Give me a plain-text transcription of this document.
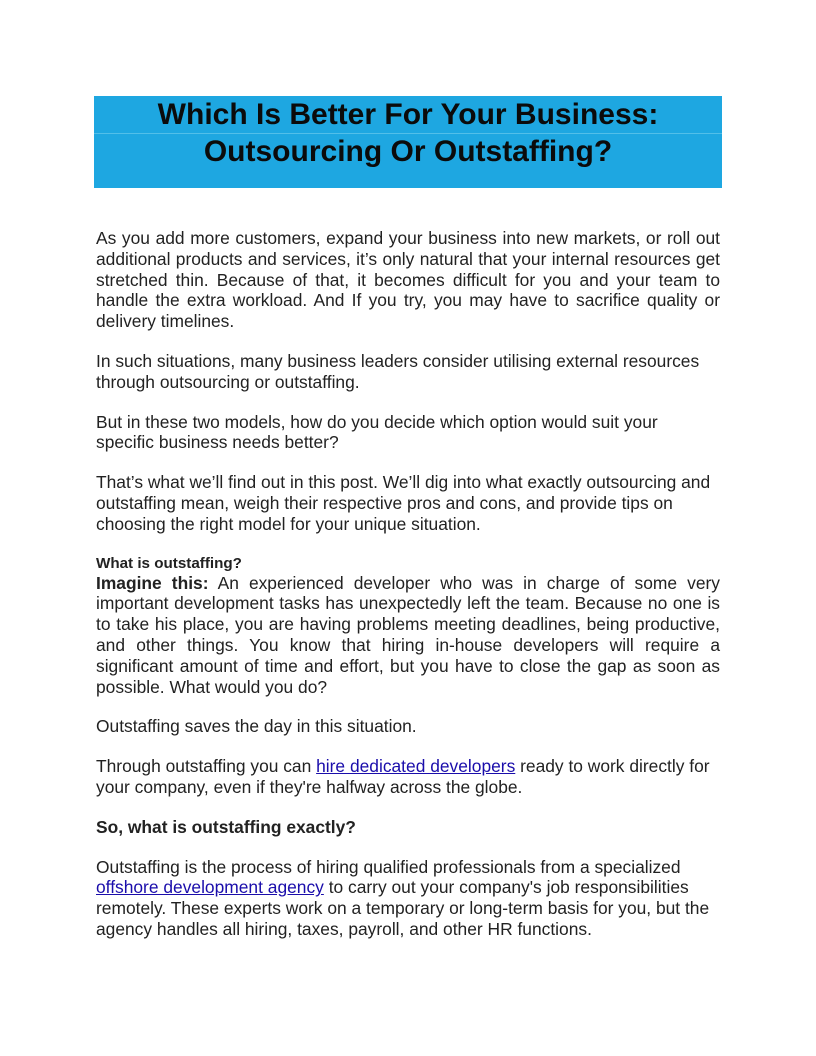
Which Is Better For Your Business:
Outsourcing Or Outstaffing?

As you add more customers, expand your business into new markets, or roll out additional products and services, it’s only natural that your internal resources get stretched thin. Because of that, it becomes difficult for you and your team to handle the extra workload. And If you try, you may have to sacrifice quality or delivery timelines.

In such situations, many business leaders consider utilising external resources through outsourcing or outstaffing.

But in these two models, how do you decide which option would suit your specific business needs better?

That’s what we’ll find out in this post. We’ll dig into what exactly outsourcing and outstaffing mean, weigh their respective pros and cons, and provide tips on choosing the right model for your unique situation.

What is outstaffing?

Imagine this: An experienced developer who was in charge of some very important development tasks has unexpectedly left the team. Because no one is to take his place, you are having problems meeting deadlines, being productive, and other things. You know that hiring in-house developers will require a significant amount of time and effort, but you have to close the gap as soon as possible. What would you do?

Outstaffing saves the day in this situation.

Through outstaffing you can hire dedicated developers ready to work directly for your company, even if they're halfway across the globe.

So, what is outstaffing exactly?

Outstaffing is the process of hiring qualified professionals from a specialized offshore development agency to carry out your company's job responsibilities remotely. These experts work on a temporary or long-term basis for you, but the agency handles all hiring, taxes, payroll, and other HR functions.
